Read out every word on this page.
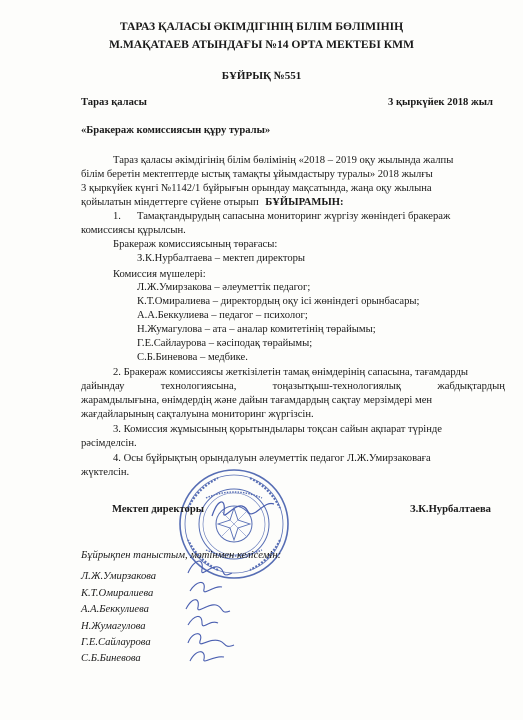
ТАРАЗ ҚАЛАСЫ ӘКІМДІГІНІҢ БІЛІМ БӨЛІМІНІҢ
М.МАҚАТАЕВ АТЫНДАҒЫ №14 ОРТА МЕКТЕБІ КММ
БҰЙРЫҚ №551
Тараз қаласы	3 қыркүйек 2018 жыл
«Бракераж комиссиясын құру туралы»
Тараз қаласы әкімдігінің білім бөлімінің «2018 – 2019 оқу жылында жалпы
білім беретін мектептерде ыстық тамақты ұйымдастыру туралы» 2018 жылғы
3 қыркүйек күнгі №1142/1 бұйрығын орындау мақсатында, жаңа оқу жылына
қойылатын міндеттерге сүйене отырып БҰЙЫРАМЫН:
1. Тамақтандырудың сапасына мониторинг жүргізу жөніндегі бракераж
комиссиясы құрылсын.
Бракераж комиссиясының төрағасы:
З.К.Нурбалтаева – мектеп директоры
Комиссия мүшелері:
Л.Ж.Умирзакова – әлеуметтік педагог;
К.Т.Омиралиева – директордың оқу ісі жөніндегі орынбасары;
А.А.Беккулиева – педагог – психолог;
Н.Жумагулова – ата – аналар комитетінің төрайымы;
Г.Е.Сайлаурова – кәсіподақ төрайымы;
С.Б.Биневова – медбике.
2. Бракераж комиссиясы жеткізілетін тамақ өнімдерінің сапасына, тағамдарды
дайындау	технологиясына,	тоңазытқыш-технологиялық	жабдықтардың
жарамдылығына, өнімдердің және дайын тағамдардың сақтау мерзімдері мен
жағдайларының сақталуына мониторинг жүргізсін.
3. Комиссия жұмысының қорытындылары тоқсан сайын ақпарат түрінде
рәсімделсін.
4. Осы бұйрықтың орындалуын әлеуметтік педагог Л.Ж.Умирзаковаға
жүктелсін.
Мектеп директоры	З.К.Нурбалтаева
Бұйрықпен таныстым, мәтінмен келісемін:
Л.Ж.Умирзакова
К.Т.Омиралиева
А.А.Беккулиева
Н.Жумагулова
Г.Е.Сайлаурова
С.Б.Биневова
